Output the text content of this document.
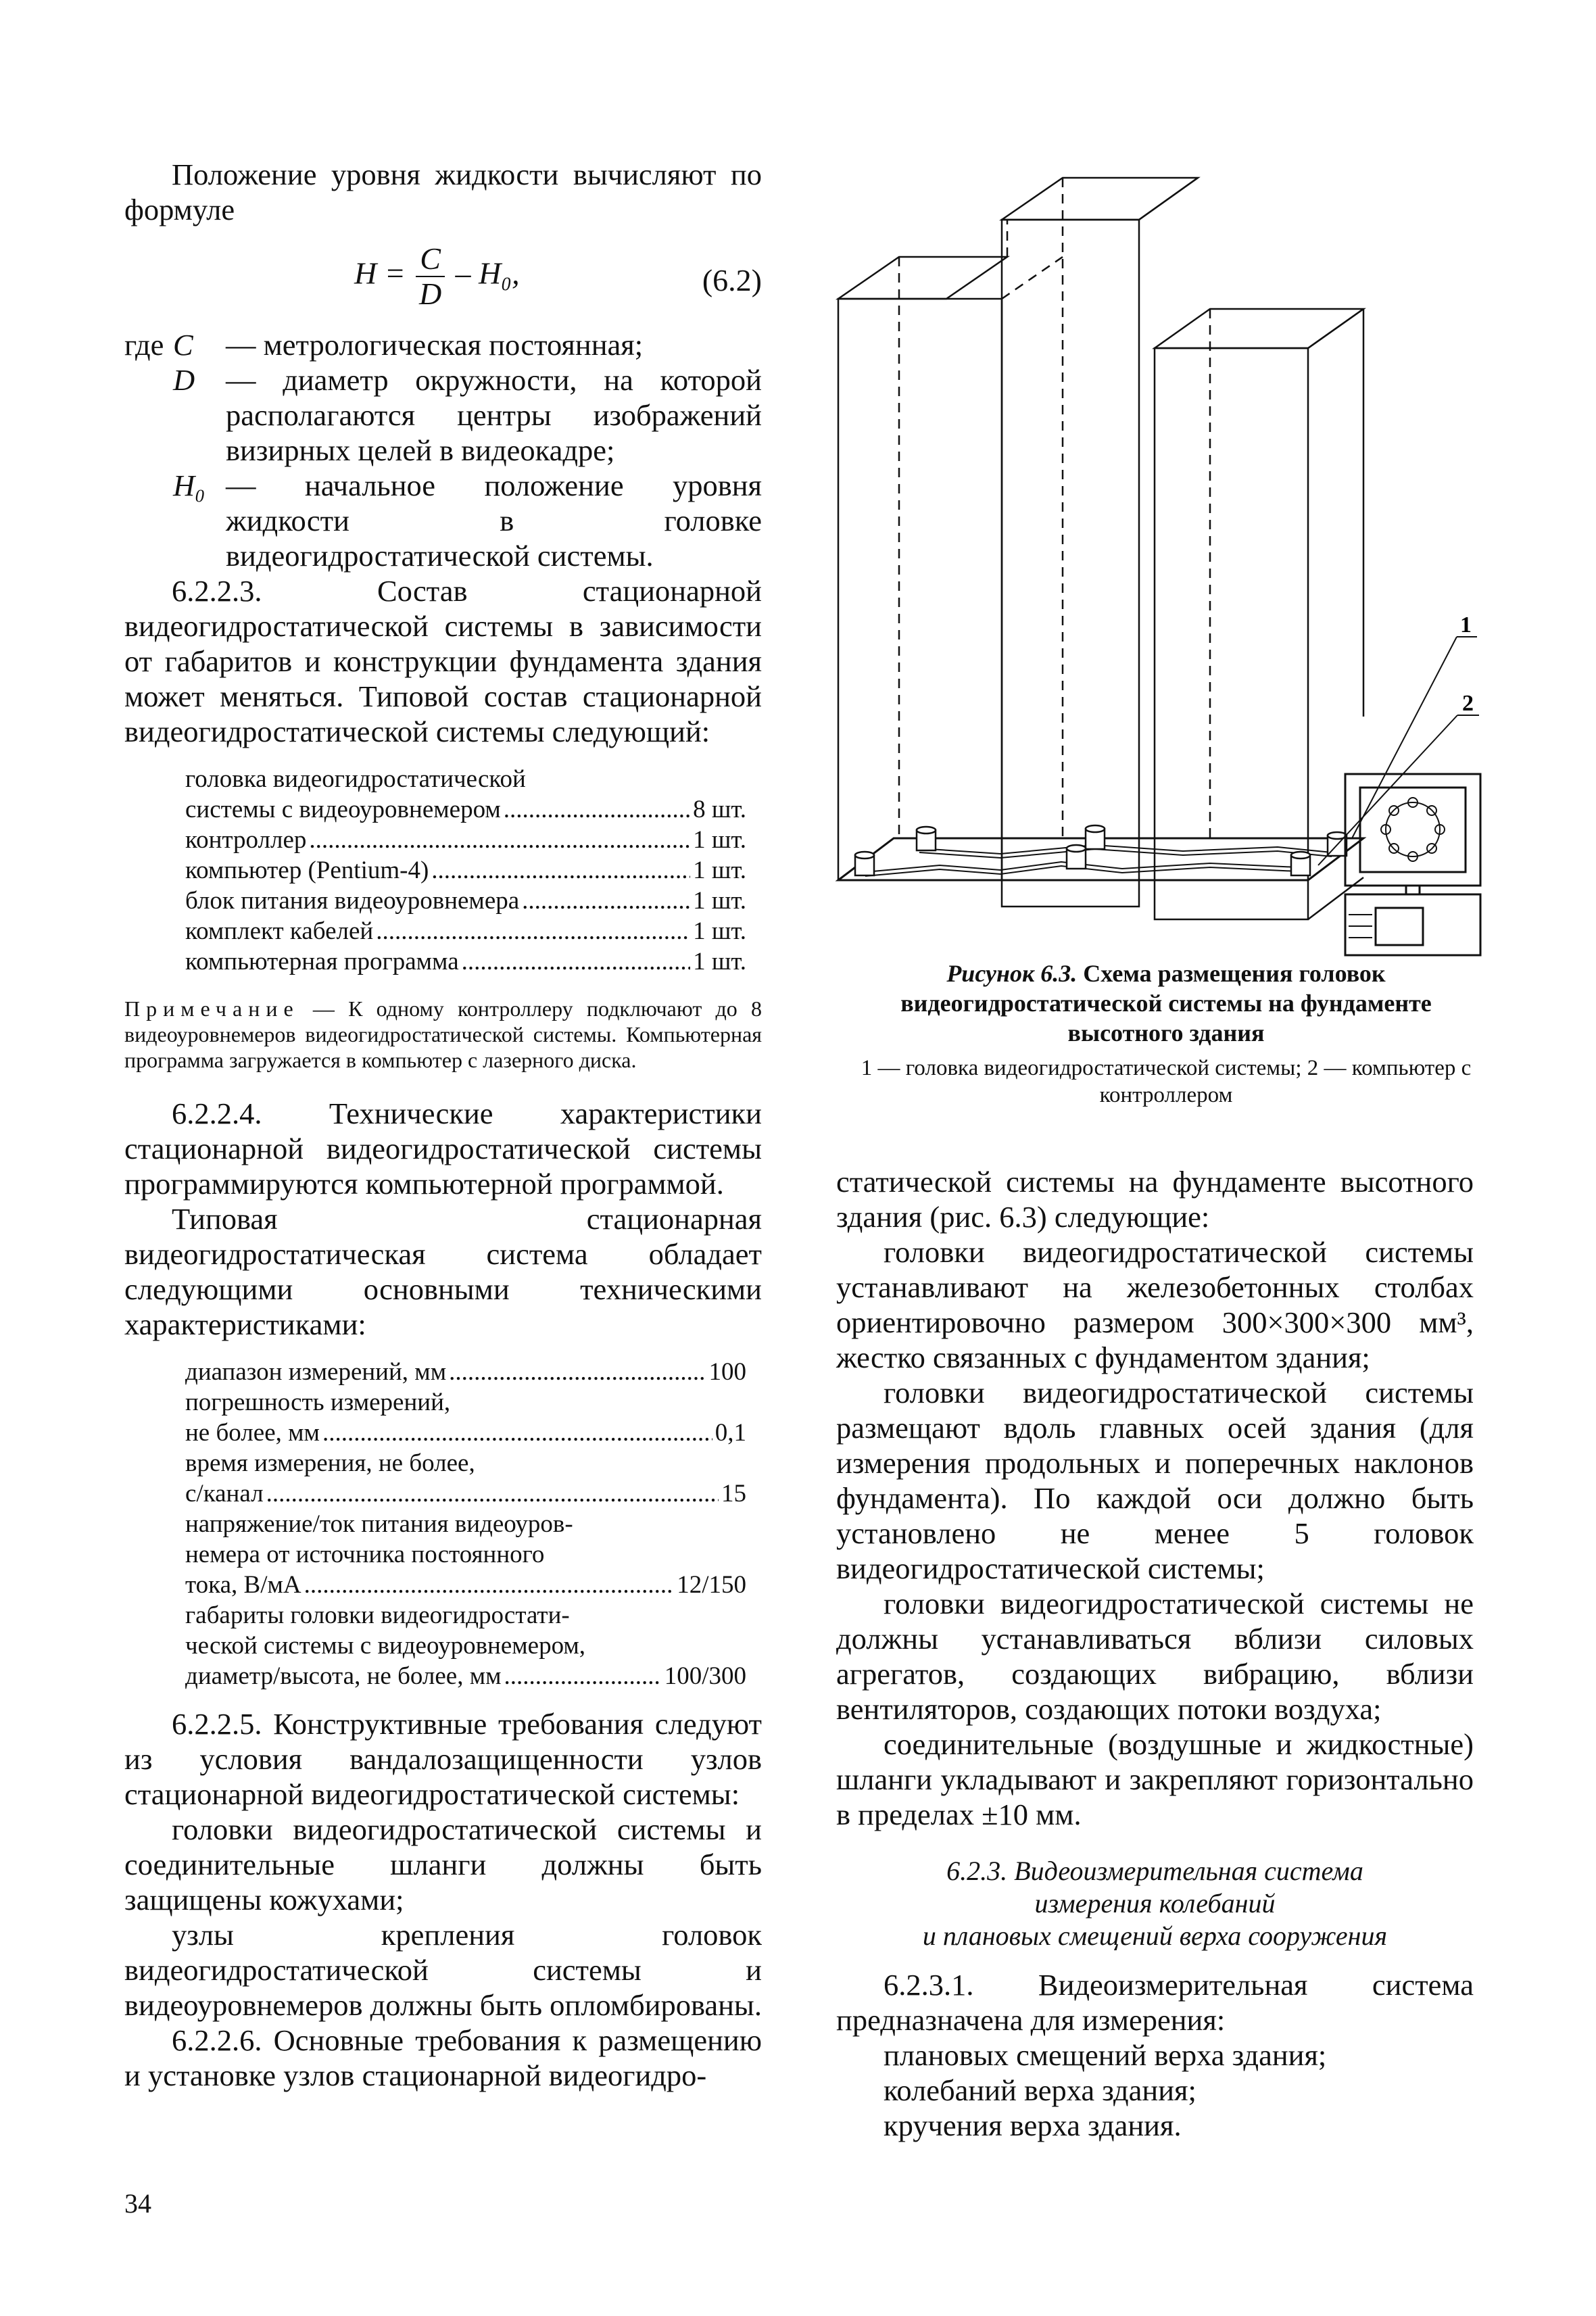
Положение уровня жидкости вычисляют по формуле

$H = \frac{C}{D} - H_0$,	(6.2)
где C	— метрологическая постоянная;
D	— диаметр окружности, на которой располагаются центры изображений визирных целей в видеокадре;
H₀ — начальное положение уровня жидкости в головке видеогидростатической системы.

6.2.2.3. Состав стационарной видеогидростатической системы в зависимости от габаритов и конструкции фундамента здания может меняться. Типовой состав стационарной видеогидростатической системы следующий:

головка видеогидростатической
системы с видеоуровнемером .....	8 шт.
контроллер .....	1 шт.
компьютер (Pentium-4) .....	1 шт.
блок питания видеоуровнемера .....	1 шт.
комплект кабелей .....	1 шт.
компьютерная программа .....	1 шт.
Примечание — К одному контроллеру подключают до 8 видеоуровнемеров видеогидростатической системы. Компьютерная программа загружается в компьютер с лазерного диска.

6.2.2.4. Технические характеристики стационарной видеогидростатической системы программируются компьютерной программой.

Типовая стационарная видеогидростатическая система обладает следующими основными техническими характеристиками:

диапазон измерений, мм .....	100
погрешность измерений,
не более, мм .....	0,1
время измерения, не более,
с/канал .....	15
напряжение/ток питания видеоуров-
немера от источника постоянного
тока, В/мА .....	12/150
габариты головки видеогидростати-
ческой системы с видеоуровнемером,
диаметр/высота, не более, мм .....	100/300

6.2.2.5. Конструктивные требования следуют из условия вандалозащищенности узлов стационарной видеогидростатической системы:

головки видеогидростатической системы и соединительные шланги должны быть защищены кожухами;

узлы крепления головок видеогидростатической системы и видеоуровнемеров должны быть опломбированы.

6.2.2.6. Основные требования к размещению и установке узлов стационарной видеогидро-

1
2
Рисунок 6.3. Схема размещения головок видеогидростатической системы на фундаменте высотного здания
1 — головка видеогидростатической системы; 2 — компьютер с контроллером

статической системы на фундаменте высотного здания (рис. 6.3) следующие:

головки видеогидростатической системы устанавливают на железобетонных столбах ориентировочно размером 300×300×300 мм³, жестко связанных с фундаментом здания;

головки видеогидростатической системы размещают вдоль главных осей здания (для измерения продольных и поперечных наклонов фундамента). По каждой оси должно быть установлено не менее 5 головок видеогидростатической системы;

головки видеогидростатической системы не должны устанавливаться вблизи силовых агрегатов, создающих вибрацию, вблизи вентиляторов, создающих потоки воздуха;

соединительные (воздушные и жидкостные) шланги укладывают и закрепляют горизонтально в пределах ±10 мм.

6.2.3. Видеоизмерительная система
измерения колебаний
и плановых смещений верха сооружения

6.2.3.1. Видеоизмерительная система предназначена для измерения:

плановых смещений верха здания;

колебаний верха здания;

кручения верха здания.

34
